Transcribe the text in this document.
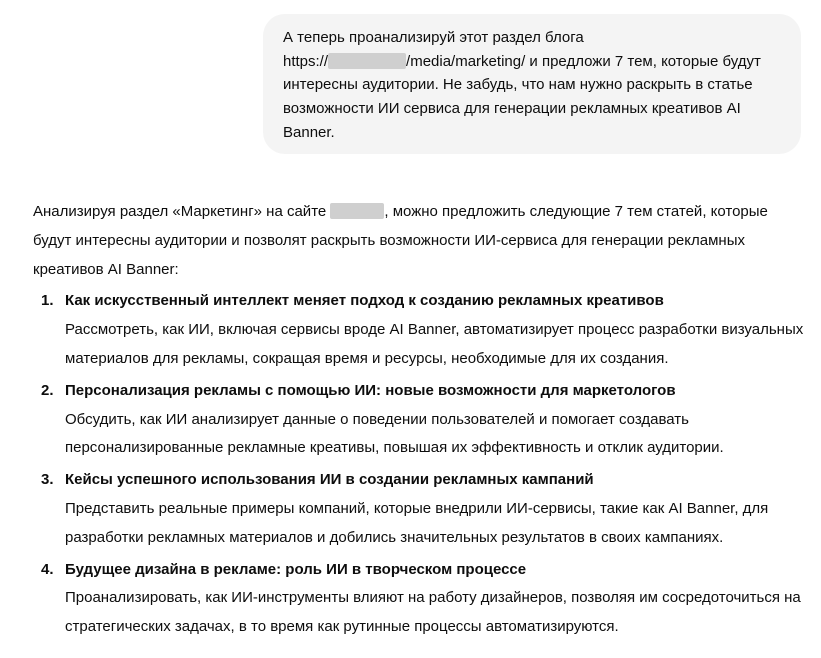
А теперь проанализируй этот раздел блога
https://	/media/marketing/ и предложи 7 тем, которые будут интересны аудитории. Не забудь, что нам нужно раскрыть в статье возможности ИИ сервиса для генерации рекламных креативов AI Banner.

Анализируя раздел «Маркетинг» на сайте	, можно предложить следующие 7 тем статей, которые будут интересны аудитории и позволят раскрыть возможности ИИ-сервиса для генерации рекламных креативов AI Banner:

1. Как искусственный интеллект меняет подход к созданию рекламных креативов
Рассмотреть, как ИИ, включая сервисы вроде AI Banner, автоматизирует процесс разработки визуальных материалов для рекламы, сокращая время и ресурсы, необходимые для их создания.
2. Персонализация рекламы с помощью ИИ: новые возможности для маркетологов
Обсудить, как ИИ анализирует данные о поведении пользователей и помогает создавать персонализированные рекламные креативы, повышая их эффективность и отклик аудитории.
3. Кейсы успешного использования ИИ в создании рекламных кампаний
Представить реальные примеры компаний, которые внедрили ИИ-сервисы, такие как AI Banner, для разработки рекламных материалов и добились значительных результатов в своих кампаниях.
4. Будущее дизайна в рекламе: роль ИИ в творческом процессе
Проанализировать, как ИИ-инструменты влияют на работу дизайнеров, позволяя им сосредоточиться на стратегических задачах, в то время как рутинные процессы автоматизируются.
